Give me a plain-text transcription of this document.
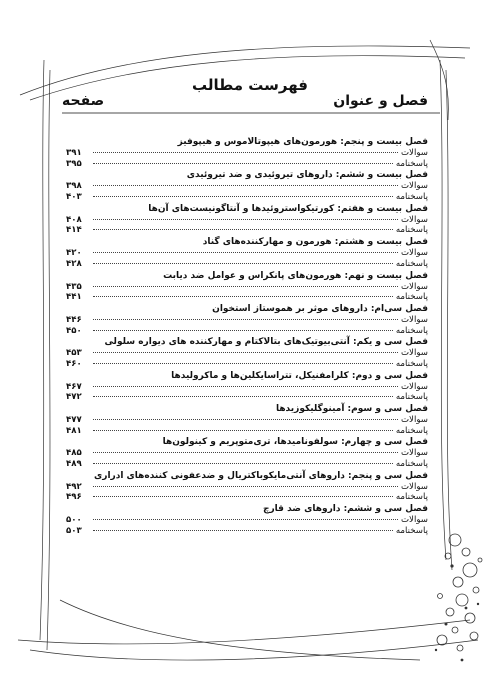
فهرست مطالب
فصل و عنوان
صفحه
فصل بیست و پنجم: هورمون‌های هیپوتالاموس و هیپوفیز
سوالات
۳۹۱
پاسخنامه
۳۹۵
فصل بیست و ششم: داروهای تیروئیدی و ضد تیروئیدی
سوالات
۳۹۸
پاسخنامه
۴۰۳
فصل بیست و هفتم: کورتیکواستروئیدها و آنتاگونیست‌های آن‌ها
سوالات
۴۰۸
پاسخنامه
۴۱۴
فصل بیست و هشتم: هورمون و مهارکننده‌های گناد
سوالات
۴۲۰
پاسخنامه
۴۲۸
فصل بیست و نهم: هورمون‌های پانکراس و عوامل ضد دیابت
سوالات
۴۳۵
پاسخنامه
۴۴۱
فصل سی‌ام: داروهای موثر بر هموستاز استخوان
سوالات
۴۴۶
پاسخنامه
۴۵۰
فصل سی و یکم: آنتی‌بیوتیک‌های بتالاکتام و مهارکننده های دیواره سلولی
سوالات
۴۵۳
پاسخنامه
۴۶۰
فصل سی و دوم: کلرامفنیکل، تتراسایکلین‌ها و ماکرولیدها
سوالات
۴۶۷
پاسخنامه
۴۷۲
فصل سی و سوم: آمینوگلیکوزیدها
سوالات
۴۷۷
پاسخنامه
۴۸۱
فصل سی و چهارم: سولفونامیدها، تری‌متوپریم و کینولون‌ها
سوالات
۴۸۵
پاسخنامه
۴۸۹
فصل سی و پنجم: داروهای آنتی‌مایکوباکتریال و ضدعفونی کننده‌های ادراری
سوالات
۴۹۲
پاسخنامه
۴۹۶
فصل سی و ششم: داروهای ضد قارچ
سوالات
۵۰۰
پاسخنامه
۵۰۳
